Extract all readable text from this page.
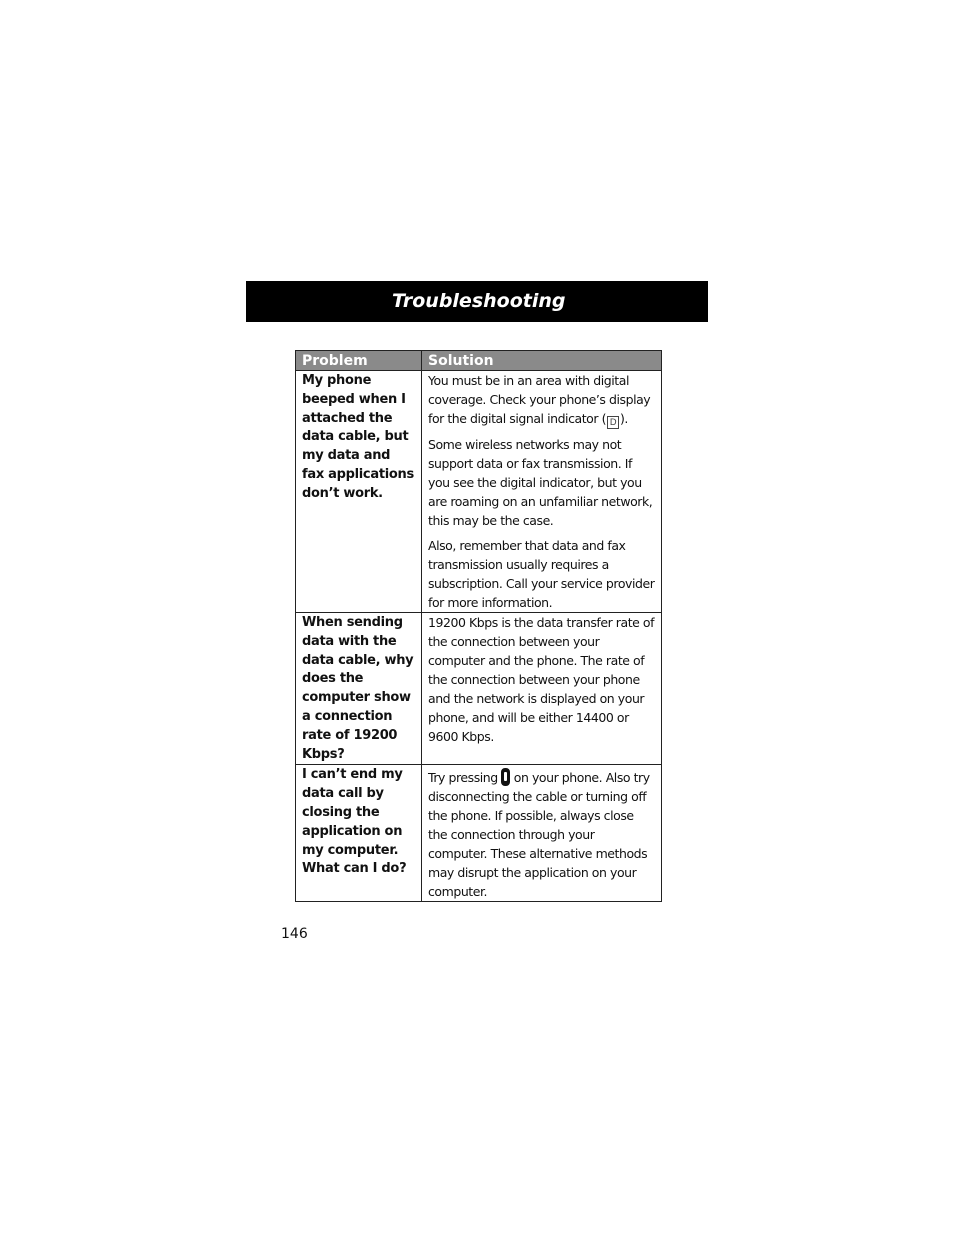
Troubleshooting
Problem	Solution
My phone beeped when I attached the data cable, but my data and fax applications don’t work.	You must be in an area with digital coverage. Check your phone’s display for the digital signal indicator ( D ).

Some wireless networks may not support data or fax transmission. If you see the digital indicator, but you are roaming on an unfamiliar network, this may be the case.

Also, remember that data and fax transmission usually requires a subscription. Call your service provider for more information.

When sending data with the data cable, why does the computer show a connection rate of 19200 Kbps?	19200 Kbps is the data transfer rate of the connection between your computer and the phone. The rate of the connection between your phone and the network is displayed on your phone, and will be either 14400 or 9600 Kbps.

I can’t end my data call by closing the application on my computer. What can I do?	Try pressing on your phone. Also try disconnecting the cable or turning off the phone. If possible, always close the connection through your computer. These alternative methods may disrupt the application on your computer.

146
